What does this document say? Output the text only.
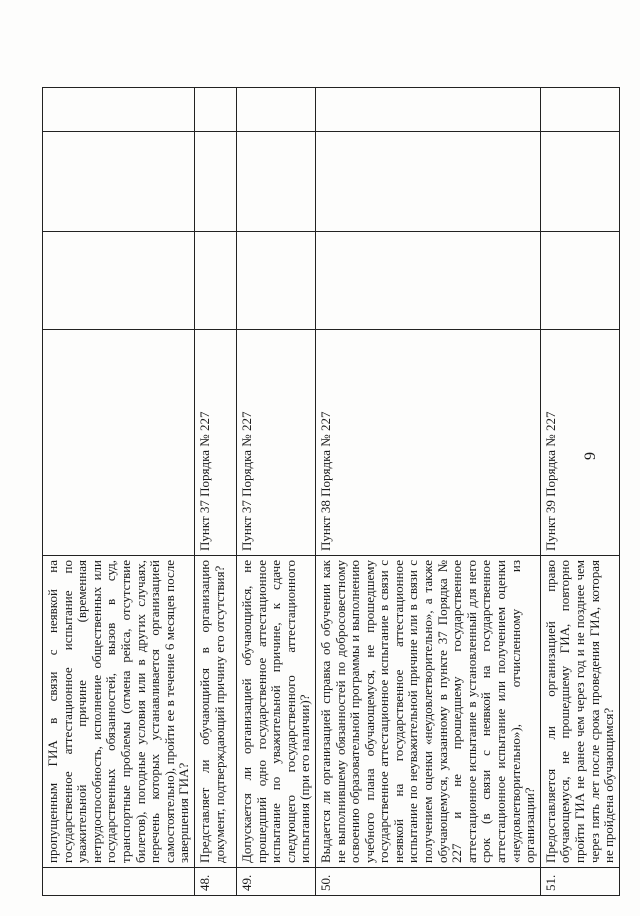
	пропущенным ГИА в связи с неявкой на государственное аттестационное испытание по уважительной причине (временная нетрудоспособность, исполнение общественных или государственных обязанностей, вызов в суд, транспортные проблемы (отмена рейса, отсутствие билетов), погодные условия или в других случаях, перечень которых устанавливается организацией самостоятельно), пройти ее в течение 6 месяцев после завершения ГИА?				

48.	Представляет ли обучающийся в организацию документ, подтверждающий причину его отсутствия?	Пункт 37 Порядка № 227			
49.	Допускается ли организацией обучающийся, не прошедший одно государственное аттестационное испытание по уважительной причине, к сдаче следующего государственного аттестационного испытания (при его наличии)?	Пункт 37 Порядка № 227			
50.	Выдается ли организацией справка об обучении как не выполнившему обязанностей по добросовестному освоению образовательной программы и выполнению учебного плана обучающемуся, не прошедшему государственное аттестационное испытание в связи с неявкой на государственное аттестационное испытание по неуважительной причине или в связи с получением оценки «неудовлетворительно», а также обучающемуся, указанному в пункте 37 Порядка № 227 и не прошедшему государственное аттестационное испытание в установленный для него срок (в связи с неявкой на государственное аттестационное испытание или получением оценки «неудовлетворительно»), отчисленному из организации?	Пункт 38 Порядка № 227			
51.	Предоставляется ли организацией право обучающемуся, не прошедшему ГИА, повторно пройти ГИА не ранее чем через год и не позднее чем через пять лет после срока проведения ГИА, которая не пройдена обучающимся?	Пункт 39 Порядка № 227			9
